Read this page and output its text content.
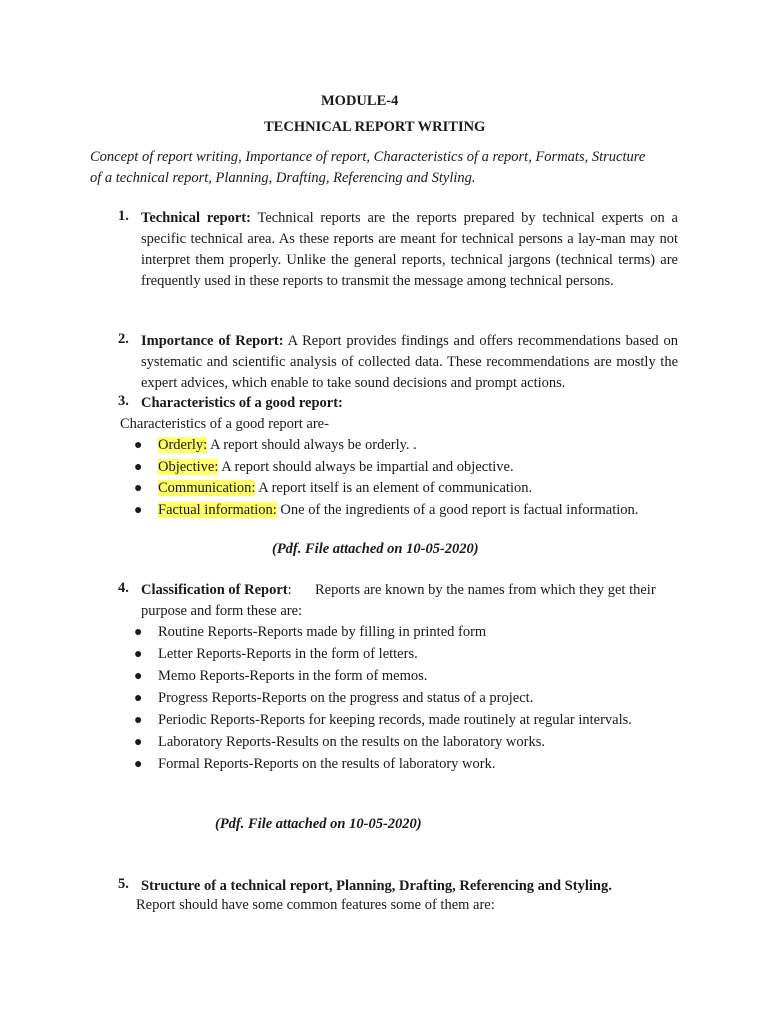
MODULE-4
TECHNICAL REPORT WRITING
Concept of report writing, Importance of report, Characteristics of a report, Formats, Structure
of a technical report, Planning, Drafting, Referencing and Styling.
1. Technical report: Technical reports are the reports prepared by technical experts on a specific technical area. As these reports are meant for technical persons a lay-man may not interpret them properly. Unlike the general reports, technical jargons (technical terms) are frequently used in these reports to transmit the message among technical persons.
2. Importance of Report: A Report provides findings and offers recommendations based on systematic and scientific analysis of collected data. These recommendations are mostly the expert advices, which enable to take sound decisions and prompt actions.
3. Characteristics of a good report:
Characteristics of a good report are-
● Orderly: A report should always be orderly. .
● Objective: A report should always be impartial and objective.
● Communication: A report itself is an element of communication.
● Factual information: One of the ingredients of a good report is factual information.
(Pdf. File attached on 10-05-2020)
4. Classification of Report: Reports are known by the names from which they get their
purpose and form these are:
● Routine Reports-Reports made by filling in printed form
● Letter Reports-Reports in the form of letters.
● Memo Reports-Reports in the form of memos.
● Progress Reports-Reports on the progress and status of a project.
● Periodic Reports-Reports for keeping records, made routinely at regular intervals.
● Laboratory Reports-Results on the results on the laboratory works.
● Formal Reports-Reports on the results of laboratory work.
(Pdf. File attached on 10-05-2020)
5. Structure of a technical report, Planning, Drafting, Referencing and Styling.
Report should have some common features some of them are:
